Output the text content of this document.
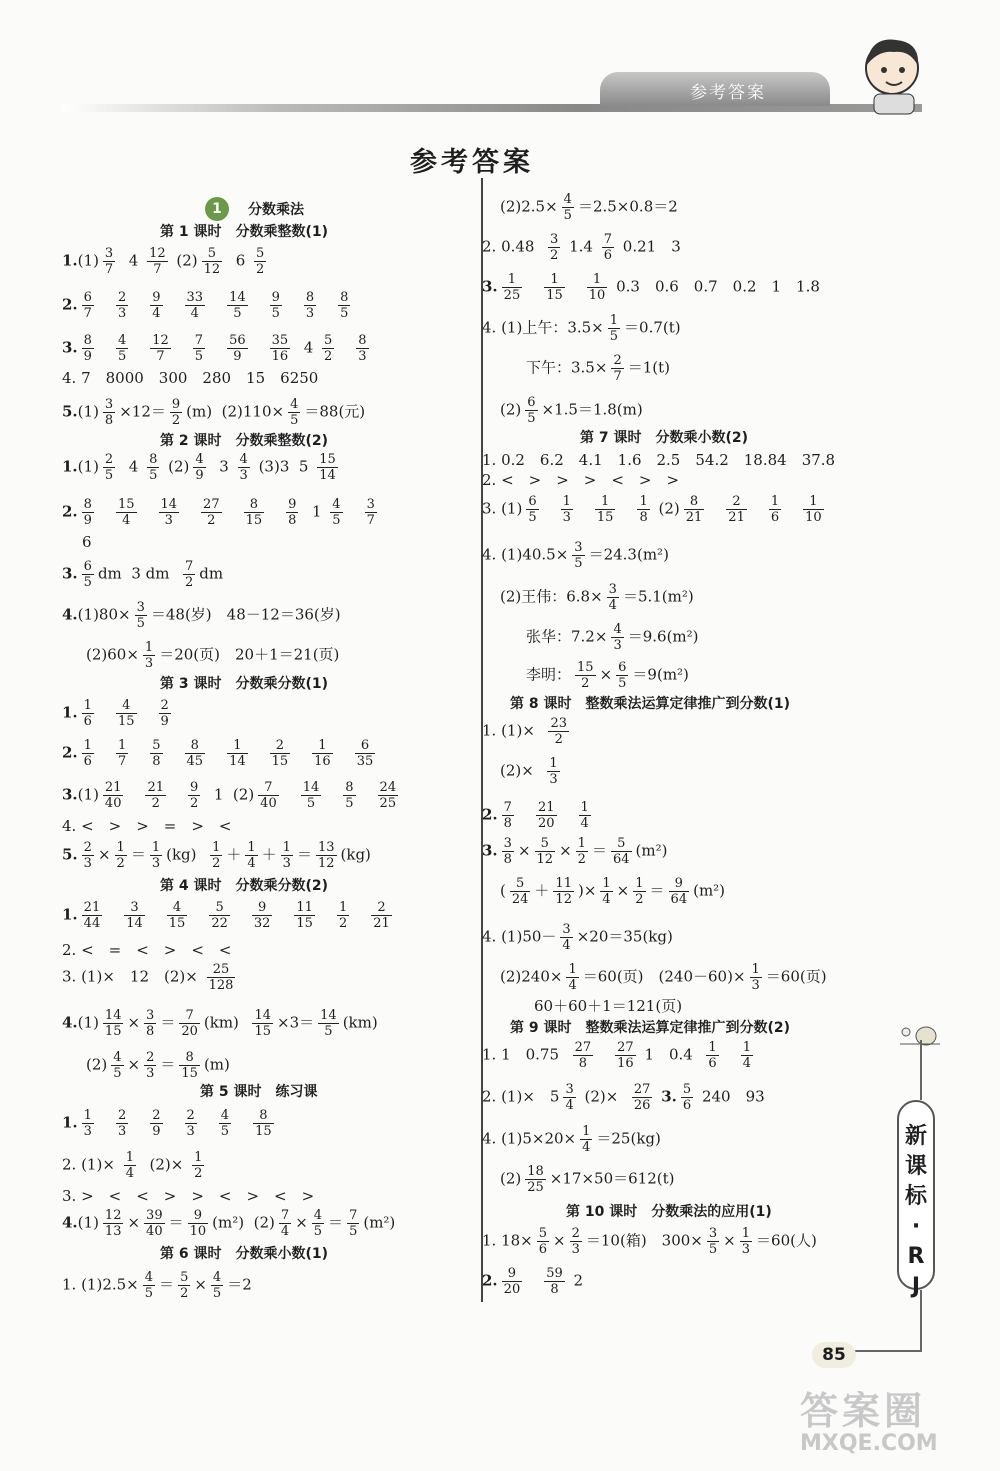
参考答案
参考答案
1	分数乘法
第 1 课时　分数乘整数(1)
$1.(1) \frac{3}{7} 4 \frac{12}{7} (2) \frac{5}{12} 6 \frac{5}{2}$
2. $\frac{6}{7} \frac{2}{3} \frac{9}{4} \frac{33}{4} \frac{14}{5} \frac{9}{5} \frac{8}{3} \frac{8}{5}$
3. $\frac{8}{9} \frac{4}{5} \frac{12}{7} \frac{7}{5} \frac{56}{9} \frac{35}{16} 4 \frac{5}{2} \frac{8}{3}$
4. 7　8000　300　280　15　6250
$5.(1) \frac{3}{8} \times 12= \frac{9}{2} (m)$ $(2)110\times \frac{4}{5} =88$(元)
第 2 课时　分数乘整数(2)
$1.(1) \frac{2}{5} 4 \frac{8}{5} (2) \frac{4}{9} 3 \frac{4}{3} (3)3$  $5 \frac{15}{14}$
2. $\frac{8}{9} \frac{15}{4} \frac{14}{3} \frac{27}{2} \frac{8}{15} \frac{9}{8} 1 \frac{4}{5} \frac{3}{7}$
6
3. $\frac{6}{5}$ dm 3 dm $\frac{7}{2}$ dm
$4.(1)80\times \frac{3}{5} =48$(岁)　48－12＝36(岁)
$(2)60\times \frac{1}{3} =20$(页)　20＋1＝21(页)
第 3 课时　分数乘分数(1)
1. $\frac{1}{6} \frac{4}{15} \frac{2}{9}$
2. $\frac{1}{6} \frac{1}{7} \frac{5}{8} \frac{8}{45} \frac{1}{14} \frac{2}{15} \frac{1}{16} \frac{6}{35}$
$3.(1) \frac{21}{40} \frac{21}{2} \frac{9}{2} 1$  $(2) \frac{7}{40} \frac{14}{5} \frac{8}{5} \frac{24}{25}$
4. <　>　>　=　>　<
5. $\frac{2}{3} \times \frac{1}{2} = \frac{1}{3} (kg) \frac{1}{2} + \frac{1}{4} + \frac{1}{3} = \frac{13}{12} (kg)$
第 4 课时　分数乘分数(2)
1. $\frac{21}{44} \frac{3}{14} \frac{4}{15} \frac{5}{22} \frac{9}{32} \frac{11}{15} \frac{1}{2} \frac{2}{21}$
2. <　=　<　>　<　<
3. (1)×　12　$(2)\times \frac{25}{128}$
$4.(1) \frac{14}{15} \times \frac{3}{8} = \frac{7}{20} (km) \frac{14}{15} \times 3= \frac{14}{5} (km)$
$(2) \frac{4}{5} \times \frac{2}{3} = \frac{8}{15} (m)$
第 5 课时　练习课
1. $\frac{1}{3} \frac{2}{3} \frac{2}{9} \frac{2}{3} \frac{4}{5} \frac{8}{15}$
2. $(1)\times \frac{1}{4} (2)\times \frac{1}{2}$
3. >　<　<　>　>　<　>　<　>
$4.(1) \frac{12}{13} \times \frac{39}{40} = \frac{9}{10} (m^2)$ $(2) \frac{7}{4} \times \frac{4}{5} = \frac{7}{5} (m^2)$
第 6 课时　分数乘小数(1)
1. $(1)2.5\times \frac{4}{5} = \frac{5}{2} \times \frac{4}{5} =2$
$(2)2.5\times \frac{4}{5} =2.5\times 0.8=2$
2. $0.48 \frac{3}{2} 1.4 \frac{7}{6} 0.21$　3
3. $\frac{1}{25} \frac{1}{15} \frac{1}{10} 0.3$　0.6　0.7　0.2　1　1.8
4. (1)上午：$3.5\times \frac{1}{5} =0.7(t)$
下午：$3.5\times \frac{2}{7} =1(t)$
$(2) \frac{6}{5} \times 1.5=1.8(m)$
第 7 课时　分数乘小数(2)
1. 0.2　6.2　4.1　1.6　2.5　54.2　18.84　37.8
2. <　>　>　>　<　>　>
3. $(1) \frac{6}{5} \frac{1}{3} \frac{1}{15} \frac{1}{8} (2) \frac{8}{21} \frac{2}{21} \frac{1}{6} \frac{1}{10}$
4. $(1)40.5\times \frac{3}{5} =24.3(m^2)$
(2)王伟：$6.8\times \frac{3}{4} =5.1(m^2)$
张华：$7.2\times \frac{4}{3} =9.6(m^2)$
李明： $\frac{15}{2} \times \frac{6}{5} =9(m^2)$
第 8 课时　整数乘法运算定律推广到分数(1)
1. $(1)\times \frac{23}{2}$
$(2)\times \frac{1}{3}$
2. $\frac{7}{8} \frac{21}{20} \frac{1}{4}$
3. $\frac{3}{8} \times \frac{5}{12} \times \frac{1}{2} = \frac{5}{64} (m^2)$
( $\frac{5}{24} + \frac{11}{12}$ )× $\frac{1}{4} \times \frac{1}{2} = \frac{9}{64} (m^2)$
4. $(1)50- \frac{3}{4} \times 20=35(kg)$
$(2)240\times \frac{1}{4} =60$(页)　$(240-60)\times \frac{1}{3} =60$(页)
60＋60＋1＝121(页)
第 9 课时　整数乘法运算定律推广到分数(2)
1. 1　$0.75 \frac{27}{8} \frac{27}{16} 1$　$0.4 \frac{1}{6} \frac{1}{4}$
2. (1)×　$5 \frac{3}{4} (2)\times \frac{27}{26} 3$. $\frac{5}{6} 240$　93
4. $(1)5\times 20\times \frac{1}{4} =25(kg)$
$(2) \frac{18}{25} \times 17\times 50=612(t)$
第 10 课时　分数乘法的应用(1)
1. $18\times \frac{5}{6} \times \frac{2}{3} =10$(箱)　$300\times \frac{3}{5} \times \frac{1}{3} =60$(人)
2. $\frac{9}{20} \frac{59}{8} 2$
新
课
标
·
R
J
85
答案圈
MXQE.COM
